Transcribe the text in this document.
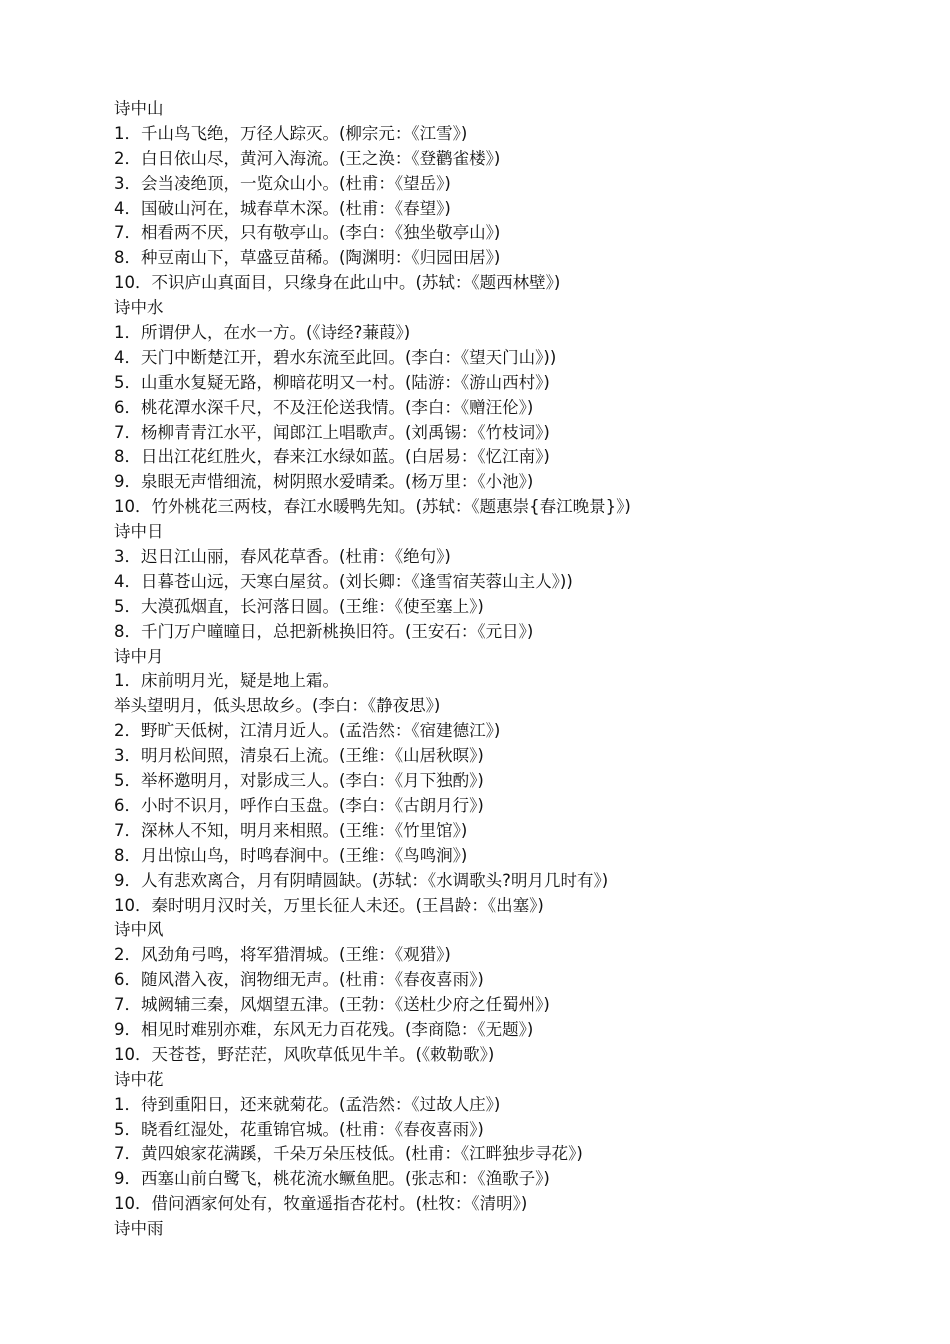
诗中山
1．千山鸟飞绝，万径人踪灭。(柳宗元：《江雪》)
2．白日依山尽，黄河入海流。(王之涣：《登鹳雀楼》)
3．会当凌绝顶，一览众山小。(杜甫：《望岳》)
4．国破山河在，城春草木深。(杜甫：《春望》)
7．相看两不厌，只有敬亭山。(李白：《独坐敬亭山》)
8．种豆南山下，草盛豆苗稀。(陶渊明：《归园田居》)
10．不识庐山真面目，只缘身在此山中。(苏轼：《题西林壁》)
诗中水
1．所谓伊人，在水一方。(《诗经?蒹葭》)
4．天门中断楚江开，碧水东流至此回。(李白：《望天门山》))
5．山重水复疑无路，柳暗花明又一村。(陆游：《游山西村》)
6．桃花潭水深千尺，不及汪伦送我情。(李白：《赠汪伦》)
7．杨柳青青江水平，闻郎江上唱歌声。(刘禹锡：《竹枝词》)
8．日出江花红胜火，春来江水绿如蓝。(白居易：《忆江南》)
9．泉眼无声惜细流，树阴照水爱晴柔。(杨万里：《小池》)
10．竹外桃花三两枝，春江水暖鸭先知。(苏轼：《题惠崇{春江晚景}》)
诗中日
3．迟日江山丽，春风花草香。(杜甫：《绝句》)
4．日暮苍山远，天寒白屋贫。(刘长卿：《逢雪宿芙蓉山主人》))
5．大漠孤烟直，长河落日圆。(王维：《使至塞上》)
8．千门万户曈曈日，总把新桃换旧符。(王安石：《元日》)
诗中月
1．床前明月光，疑是地上霜。
举头望明月，低头思故乡。(李白：《静夜思》)
2．野旷天低树，江清月近人。(孟浩然：《宿建德江》)
3．明月松间照，清泉石上流。(王维：《山居秋暝》)
5．举杯邀明月，对影成三人。(李白：《月下独酌》)
6．小时不识月，呼作白玉盘。(李白：《古朗月行》)
7．深林人不知，明月来相照。(王维：《竹里馆》)
8．月出惊山鸟，时鸣春涧中。(王维：《鸟鸣涧》)
9．人有悲欢离合，月有阴晴圆缺。(苏轼：《水调歌头?明月几时有》)
10．秦时明月汉时关，万里长征人未还。(王昌龄：《出塞》)
诗中风
2．风劲角弓鸣，将军猎渭城。(王维：《观猎》)
6．随风潜入夜，润物细无声。(杜甫：《春夜喜雨》)
7．城阙辅三秦，风烟望五津。(王勃：《送杜少府之任蜀州》)
9．相见时难别亦难，东风无力百花残。(李商隐：《无题》)
10．天苍苍，野茫茫，风吹草低见牛羊。(《敕勒歌》)
诗中花
1．待到重阳日，还来就菊花。(孟浩然：《过故人庄》)
5．晓看红湿处，花重锦官城。(杜甫：《春夜喜雨》)
7．黄四娘家花满蹊，千朵万朵压枝低。(杜甫：《江畔独步寻花》)
9．西塞山前白鹭飞，桃花流水鳜鱼肥。(张志和：《渔歌子》)
10．借问酒家何处有，牧童遥指杏花村。(杜牧：《清明》)
诗中雨
